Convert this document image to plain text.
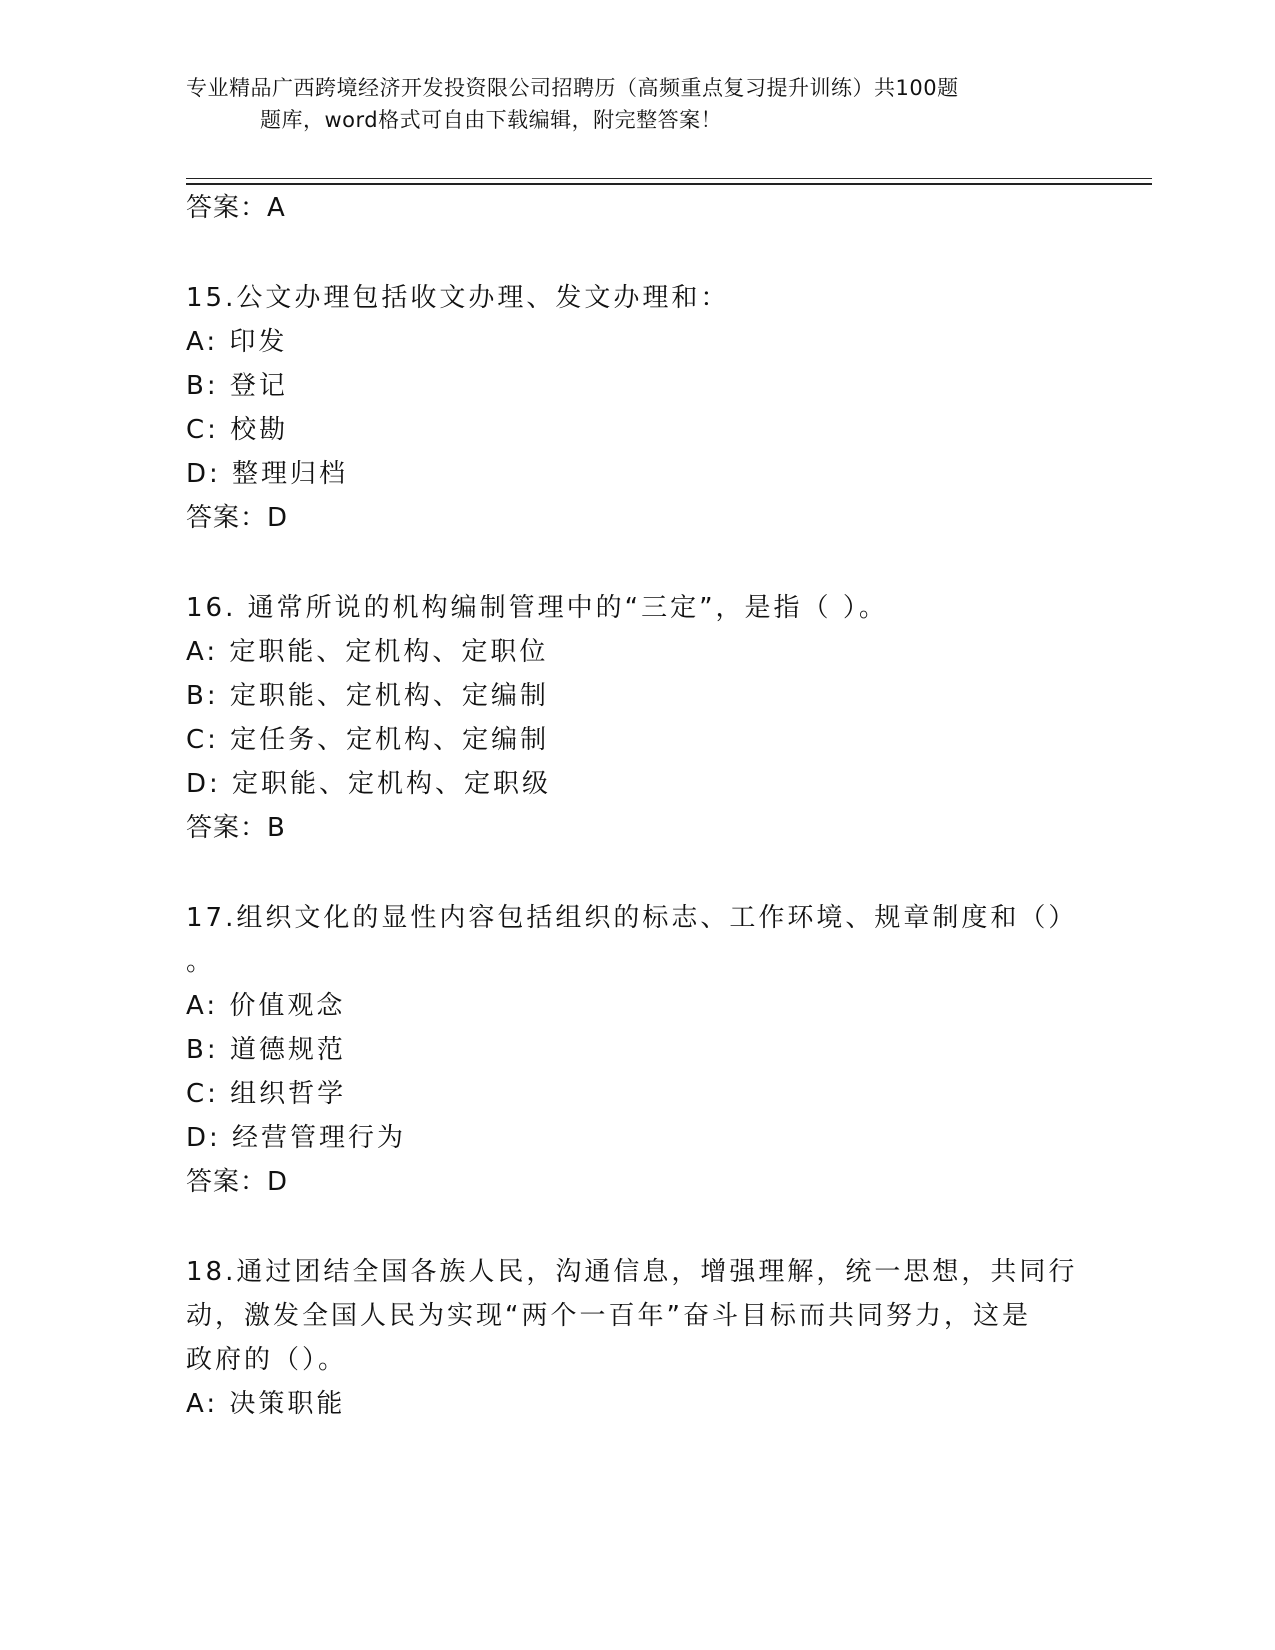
专业精品广西跨境经济开发投资限公司招聘历（高频重点复习提升训练）共100题
题库，word格式可自由下载编辑，附完整答案！
答案：A
15.公文办理包括收文办理、发文办理和：
A: 印发
B: 登记
C: 校勘
D: 整理归档
答案：D
16. 通常所说的机构编制管理中的“三定”，是指（ ）。
A: 定职能、定机构、定职位
B: 定职能、定机构、定编制
C: 定任务、定机构、定编制
D: 定职能、定机构、定职级
答案：B
17.组织文化的显性内容包括组织的标志、工作环境、规章制度和（）
。
A: 价值观念
B: 道德规范
C: 组织哲学
D: 经营管理行为
答案：D
18.通过团结全国各族人民，沟通信息，增强理解，统一思想，共同行
动，激发全国人民为实现“两个一百年”奋斗目标而共同努力，这是
政府的（）。
A: 决策职能
